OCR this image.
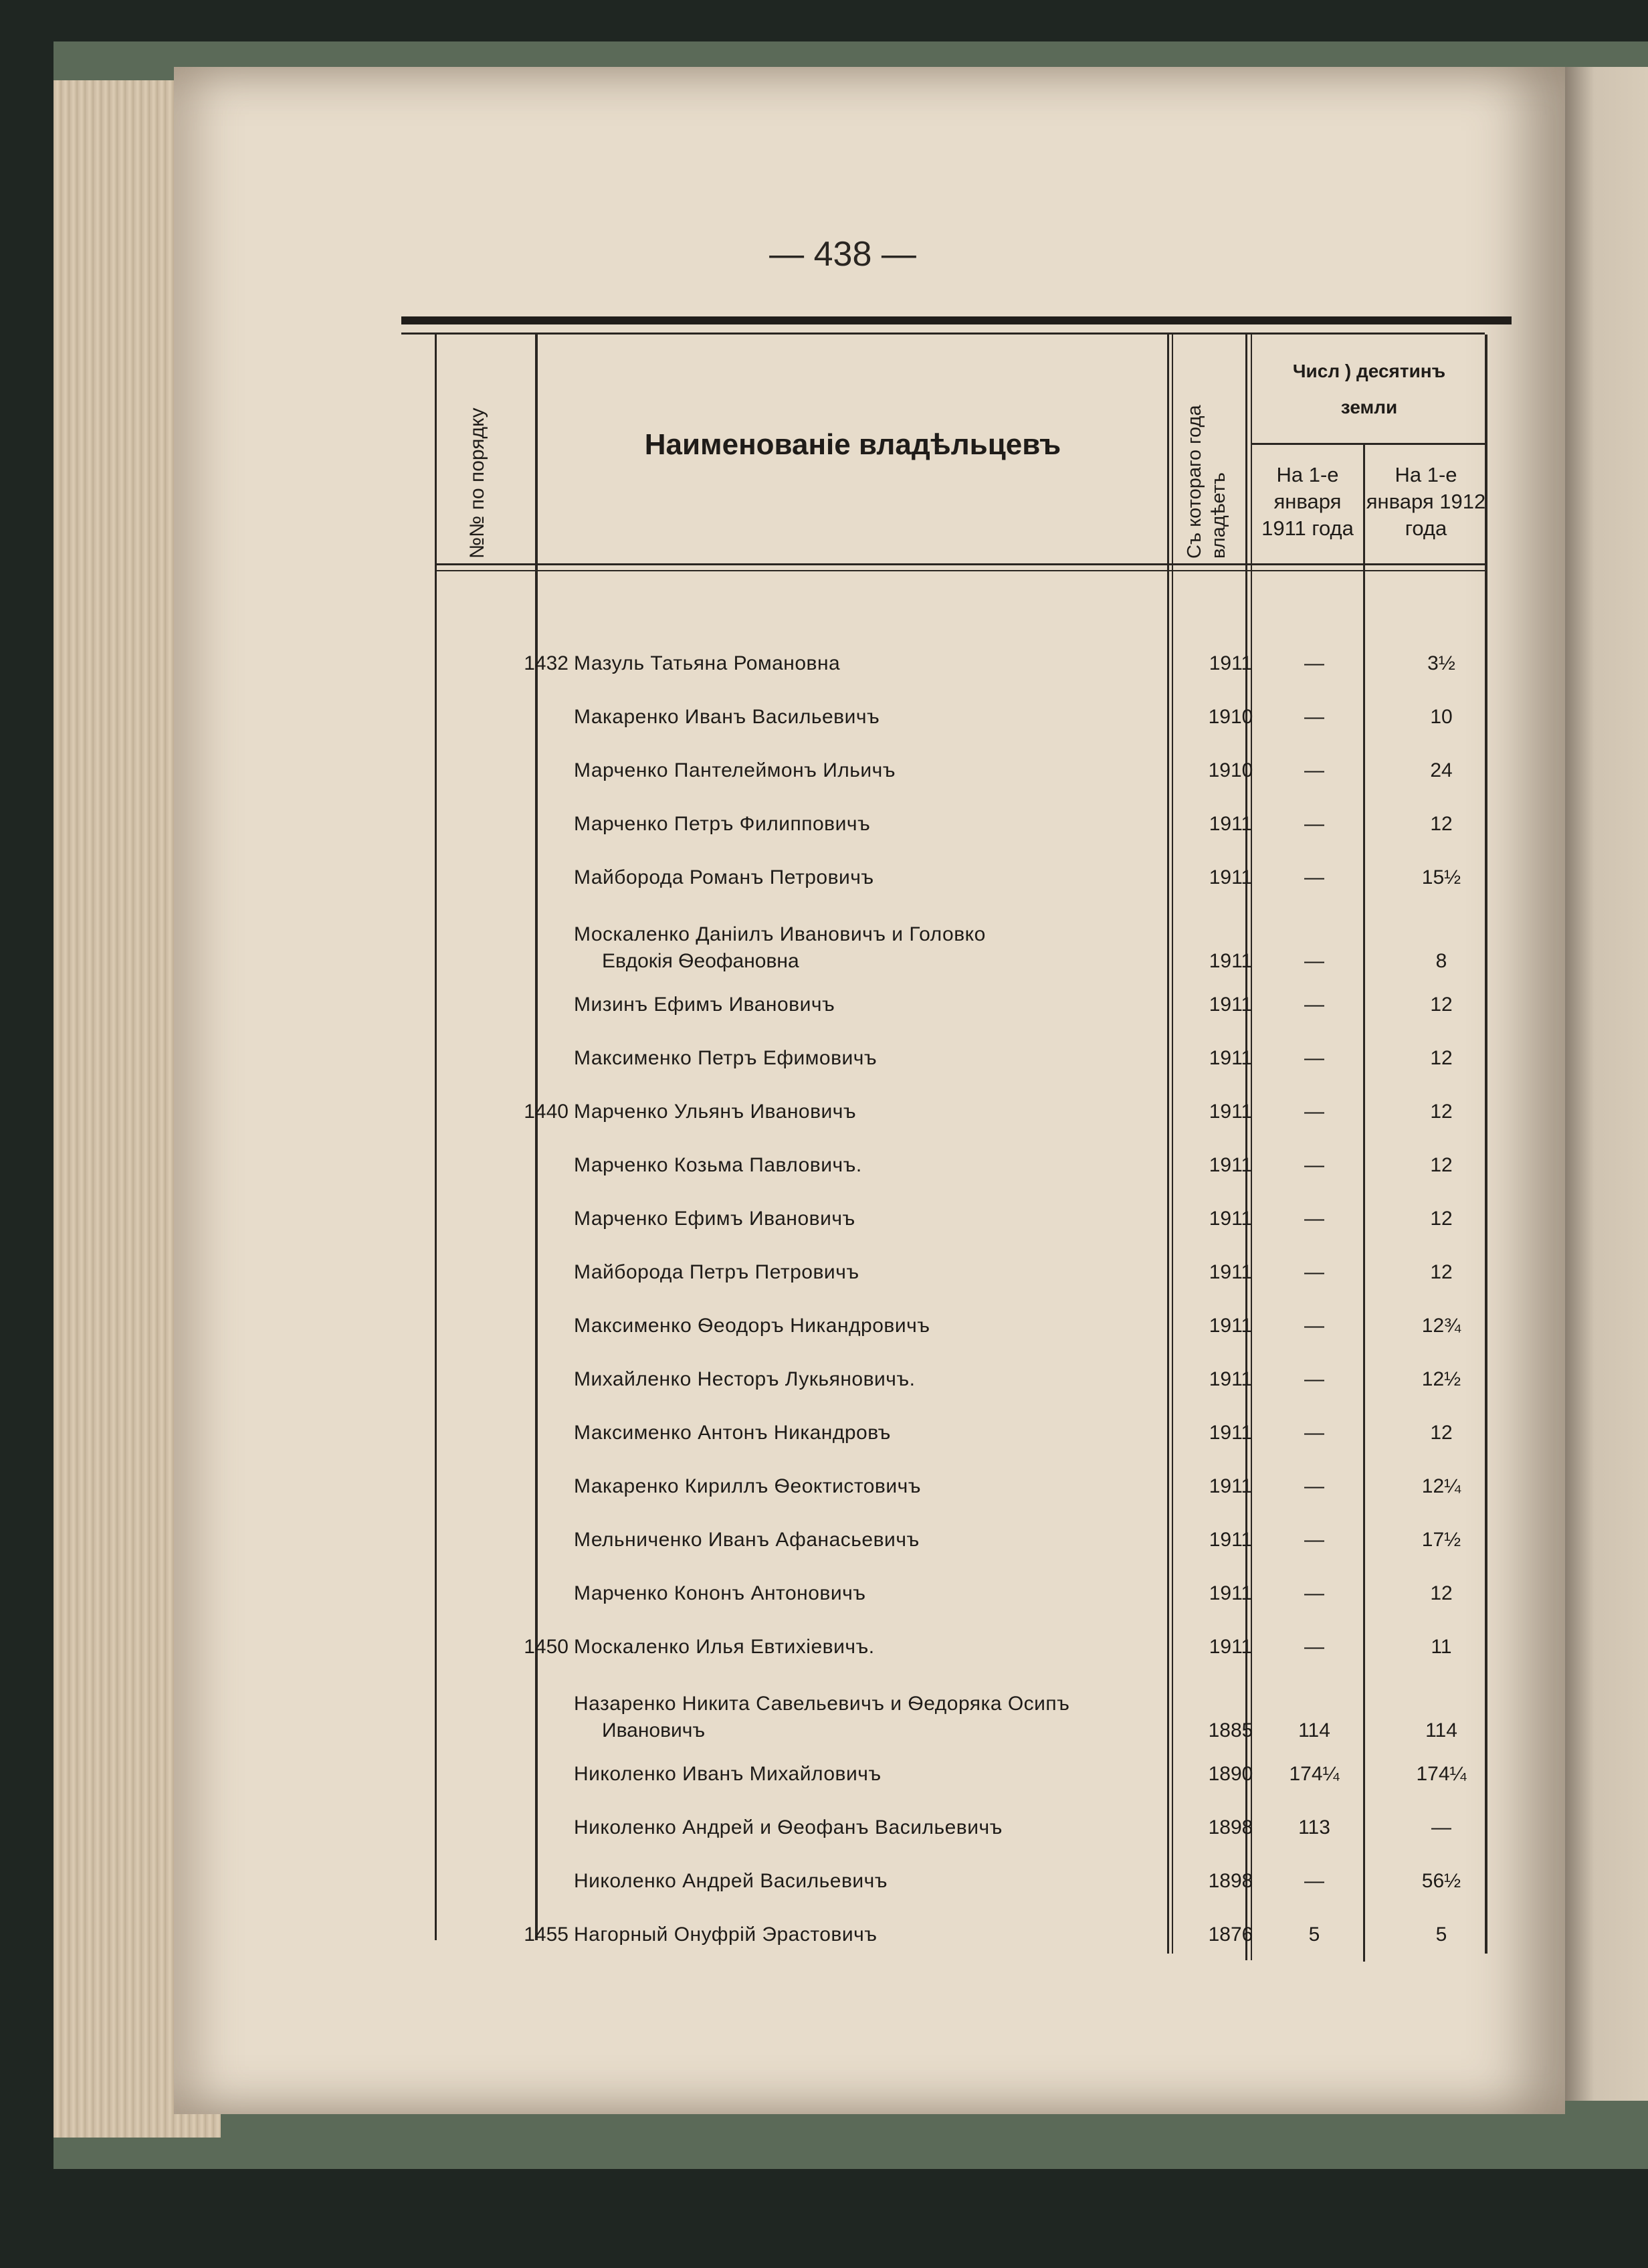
— 438 —
№№ по порядку	Наименованіе владѣльцевъ	Съ котораго года владѣетъ
Числ ) десятинъ
земли
На 1-е января 1911 года
На 1-е января 1912 года
1432 Мазуль Татьяна Романовна	1911	—	3½
Макаренко Иванъ Васильевичъ	1910	—	10
Марченко Пантелеймонъ Ильичъ	1910	—	24
Марченко Петръ Филипповичъ	1911	—	12
Майборода Романъ Петровичъ	1911	—	15½
Москаленко Даніилъ Ивановичъ и Головко
Евдокія Ѳеофановна	1911	—	8
Мизинъ Ефимъ Ивановичъ	1911	—	12
Максименко Петръ Ефимовичъ	1911	—	12
1440 Марченко Ульянъ Ивановичъ	1911	—	12
Марченко Козьма Павловичъ.	1911	—	12
Марченко Ефимъ Ивановичъ	1911	—	12
Майборода Петръ Петровичъ	1911	—	12
Максименко Ѳеодоръ Никандровичъ	1911	—	12¾
Михайленко Несторъ Лукьяновичъ.	1911	—	12½
Максименко Антонъ Никандровъ	1911	—	12
Макаренко Кириллъ Ѳеоктистовичъ	1911	—	12¼
Мельниченко Иванъ Афанасьевичъ	1911	—	17½
Марченко Кононъ Антоновичъ	1911	—	12
1450 Москаленко Илья Евтихіевичъ.	1911	—	11
Назаренко Никита Савельевичъ и Ѳедоряка Осипъ
Ивановичъ	1885	114	114
Николенко Иванъ Михайловичъ	1890	174¼	174¼
Николенко Андрей и Ѳеофанъ Васильевичъ	1898	113	—
Николенко Андрей Васильевичъ	1898	—	56½
1455 Нагорный Онуфрій Эрастовичъ	1876	5	5
